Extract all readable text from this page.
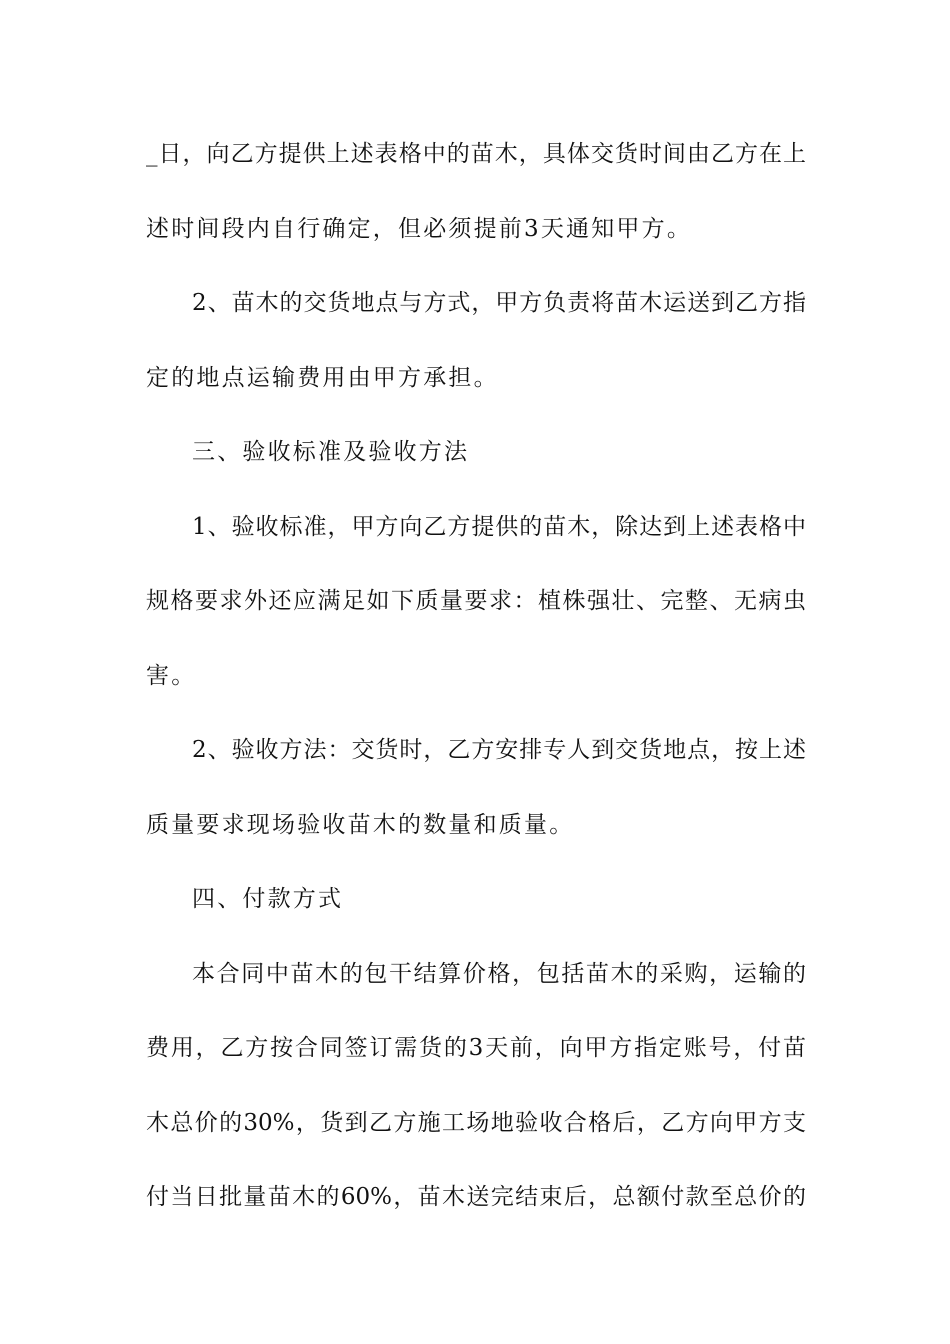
_日，向乙方提供上述表格中的苗木，具体交货时间由乙方在上
述时间段内自行确定，但必须提前3天通知甲方。
2、苗木的交货地点与方式，甲方负责将苗木运送到乙方指
定的地点运输费用由甲方承担。
三、验收标准及验收方法
1、验收标准，甲方向乙方提供的苗木，除达到上述表格中
规格要求外还应满足如下质量要求：植株强壮、完整、无病虫
害。
2、验收方法：交货时，乙方安排专人到交货地点，按上述
质量要求现场验收苗木的数量和质量。
四、付款方式
本合同中苗木的包干结算价格，包括苗木的采购，运输的
费用，乙方按合同签订需货的3天前，向甲方指定账号，付苗
木总价的30%，货到乙方施工场地验收合格后，乙方向甲方支
付当日批量苗木的60%，苗木送完结束后，总额付款至总价的
